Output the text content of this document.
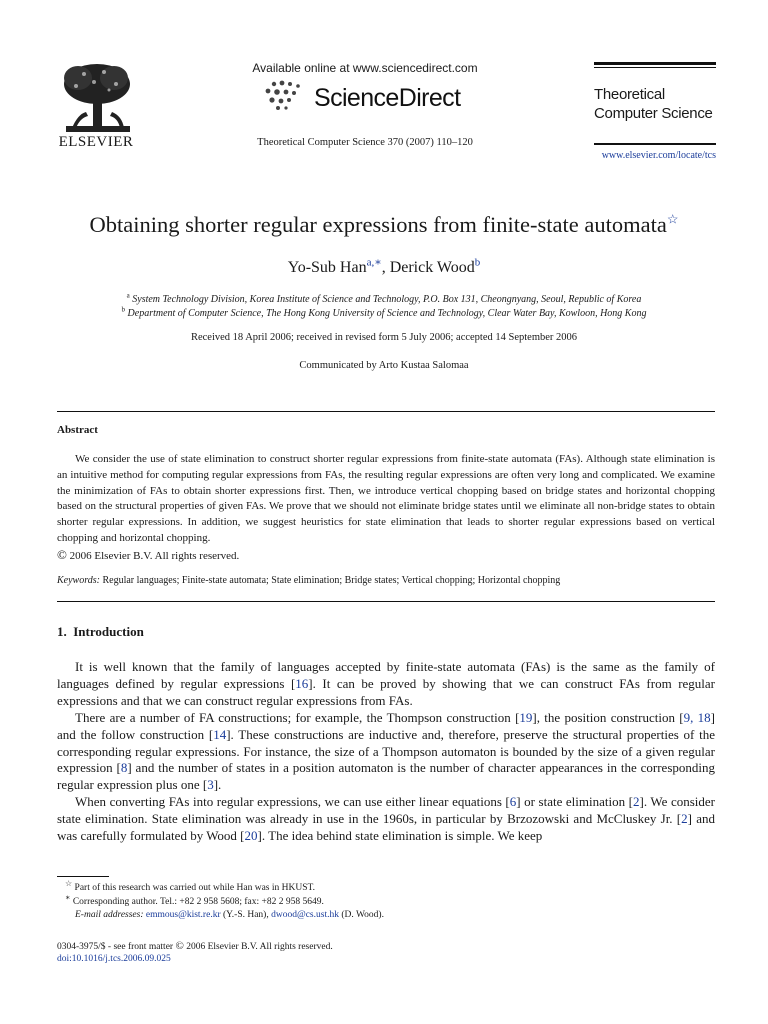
ELSEVIER
Available online at www.sciencedirect.com
ScienceDirect
Theoretical Computer Science 370 (2007) 110–120
Theoretical
Computer Science
www.elsevier.com/locate/tcs
Obtaining shorter regular expressions from finite-state automata☆
Yo-Sub Han$^{a,∗}$, Derick Wood$^b$
$^a$ System Technology Division, Korea Institute of Science and Technology, P.O. Box 131, Cheongnyang, Seoul, Republic of Korea
$^b$ Department of Computer Science, The Hong Kong University of Science and Technology, Clear Water Bay, Kowloon, Hong Kong
Received 18 April 2006; received in revised form 5 July 2006; accepted 14 September 2006
Communicated by Arto Kustaa Salomaa
Abstract

We consider the use of state elimination to construct shorter regular expressions from finite-state automata (FAs). Although state elimination is an intuitive method for computing regular expressions from FAs, the resulting regular expressions are often very long and complicated. We examine the minimization of FAs to obtain shorter expressions first. Then, we introduce vertical chopping based on bridge states and horizontal chopping based on the structural properties of given FAs. We prove that we should not eliminate bridge states until we eliminate all non-bridge states to obtain shorter regular expressions. In addition, we suggest heuristics for state elimination that leads to shorter regular expressions based on vertical chopping and horizontal chopping.

© 2006 Elsevier B.V. All rights reserved.

Keywords: Regular languages; Finite-state automata; State elimination; Bridge states; Vertical chopping; Horizontal chopping
1.  Introduction

It is well known that the family of languages accepted by finite-state automata (FAs) is the same as the family of languages defined by regular expressions [16]. It can be proved by showing that we can construct FAs from regular expressions and that we can construct regular expressions from FAs.

There are a number of FA constructions; for example, the Thompson construction [19], the position construction [9, 18] and the follow construction [14]. These constructions are inductive and, therefore, preserve the structural properties of the corresponding regular expressions. For instance, the size of a Thompson automaton is bounded by the size of a given regular expression [8] and the number of states in a position automaton is the number of character appearances in the corresponding regular expression plus one [3].

When converting FAs into regular expressions, we can use either linear equations [6] or state elimination [2]. We consider state elimination. State elimination was already in use in the 1960s, in particular by Brzozowski and McCluskey Jr. [2] and was carefully formulated by Wood [20]. The idea behind state elimination is simple. We keep

☆ Part of this research was carried out while Han was in HKUST.
∗ Corresponding author. Tel.: +82 2 958 5608; fax: +82 2 958 5649.
E-mail addresses: emmous@kist.re.kr (Y.-S. Han), dwood@cs.ust.hk (D. Wood).
0304-3975/$ - see front matter © 2006 Elsevier B.V. All rights reserved.
doi:10.1016/j.tcs.2006.09.025
